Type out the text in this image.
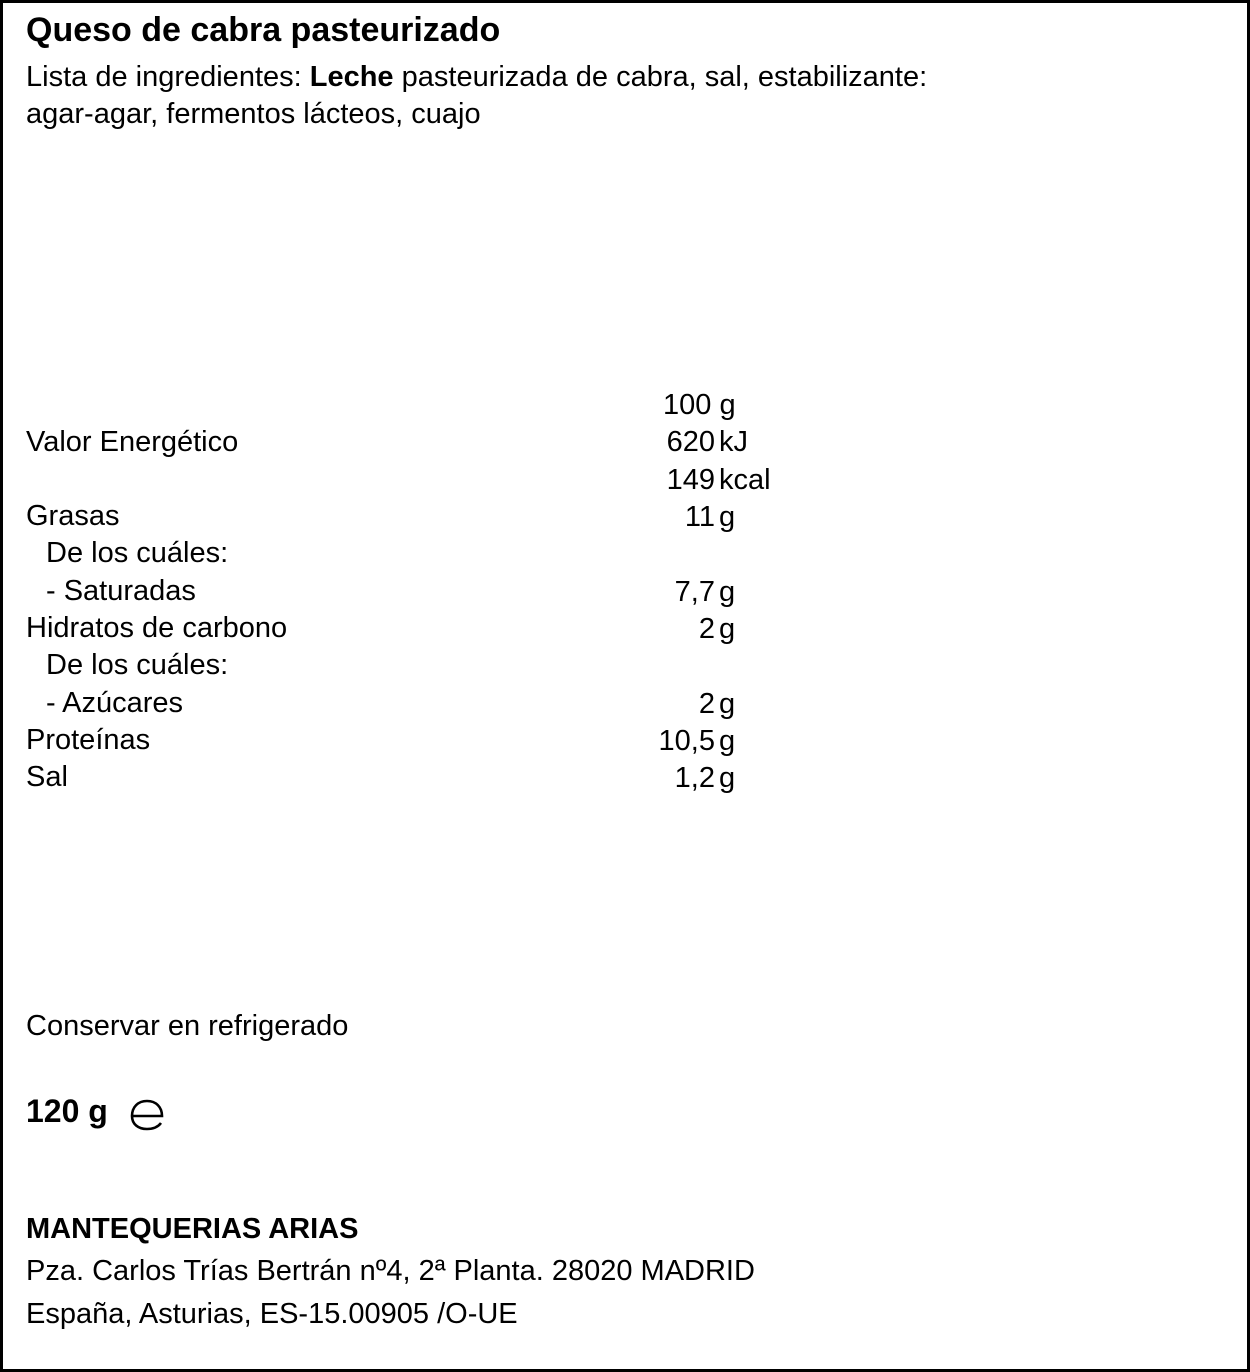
Queso de cabra pasteurizado
Lista de ingredientes: Leche pasteurizada de cabra, sal, estabilizante:
agar-agar, fermentos lácteos, cuajo
100 g
Valor Energético	620 kJ
149 kcal
Grasas	11 g
De los cuáles:
- Saturadas	7,7 g
Hidratos de carbono	2 g
De los cuáles:
- Azúcares	2 g
Proteínas	10,5 g
Sal	1,2 g
Conservar en refrigerado
120 g
MANTEQUERIAS ARIAS
Pza. Carlos Trías Bertrán nº4, 2ª Planta. 28020 MADRID
España, Asturias, ES-15.00905 /O-UE
